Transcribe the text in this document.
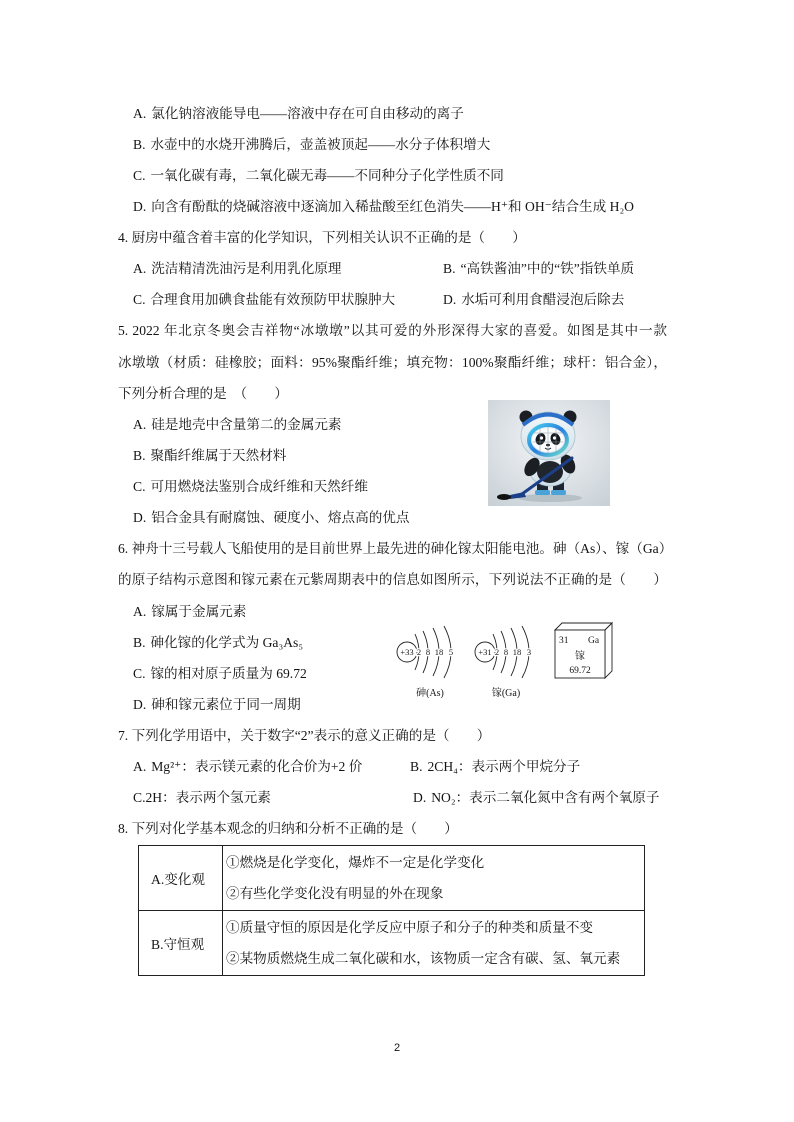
A. 氯化钠溶液能导电——溶液中存在可自由移动的离子
B. 水壶中的水烧开沸腾后，壶盖被顶起——水分子体积增大
C. 一氧化碳有毒，二氧化碳无毒——不同种分子化学性质不同
D. 向含有酚酞的烧碱溶液中逐滴加入稀盐酸至红色消失——H⁺和 OH⁻结合生成 H₂O
4. 厨房中蕴含着丰富的化学知识，下列相关认识不正确的是（　　）
A. 洗洁精清洗油污是利用乳化原理	B. “高铁酱油”中的“铁”指铁单质
C. 合理食用加碘食盐能有效预防甲状腺肿大	D. 水垢可利用食醋浸泡后除去
5. 2022 年北京冬奥会吉祥物“冰墩墩”以其可爱的外形深得大家的喜爱。如图是其中一款
冰墩墩（材质：硅橡胶；面料：95%聚酯纤维；填充物：100%聚酯纤维；球杆：铝合金），
下列分析合理的是　（　　）
A. 硅是地壳中含量第二的金属元素
B. 聚酯纤维属于天然材料
C. 可用燃烧法鉴别合成纤维和天然纤维
D. 铝合金具有耐腐蚀、硬度小、熔点高的优点
6. 神舟十三号载人飞船使用的是目前世界上最先进的砷化镓太阳能电池。砷（As）、镓（Ga）
的原子结构示意图和镓元素在元紫周期表中的信息如图所示，下列说法不正确的是（　　）
A. 镓属于金属元素
B. 砷化镓的化学式为 Ga₃As₅
C. 镓的相对原子质量为 69.72
D. 砷和镓元素位于同一周期
7. 下列化学用语中，关于数字“2”表示的意义正确的是（　　）
A. Mg²⁺：表示镁元素的化合价为+2 价	B. 2CH₄：表示两个甲烷分子
C.2H：表示两个氢元素	D. NO₂：表示二氧化氮中含有两个氧原子
8. 下列对化学基本观念的归纳和分析不正确的是（　　）
+33 2 8 18 5
砷(As)
+31 2 8 18 3
镓(Ga)
31 Ga
镓
69.72
A.变化观	①燃烧是化学变化，爆炸不一定是化学变化
②有些化学变化没有明显的外在现象

B.守恒观	①质量守恒的原因是化学反应中原子和分子的种类和质量不变
②某物质燃烧生成二氧化碳和水，该物质一定含有碳、氢、氧元素
2
